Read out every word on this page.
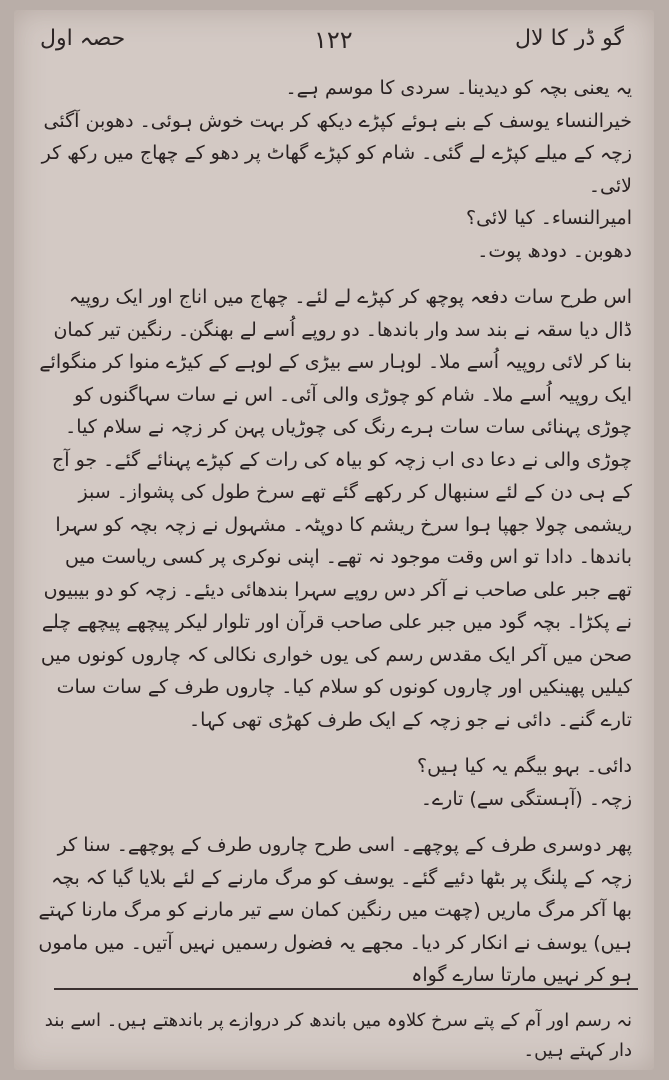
حصہ اول	۱۲۲	گو ڈر کا لال

یہ یعنی بچہ کو دیدینا۔ سردی کا موسم ہے۔

خیرالنساء یوسف کے بنے ہوئے کپڑے دیکھ کر بہت خوش ہوئی۔ دھوبن آگئی زچہ کے میلے کپڑے لے گئی۔ شام کو کپڑے گھاٹ پر دھو کے چھاج میں رکھ کر لائی۔

امیرالنساء۔ کیا لائی؟

دھوبن۔ دودھ پوت۔

اس طرح سات دفعہ پوچھ کر کپڑے لے لئے۔ چھاج میں اناج اور ایک روپیہ ڈال دیا سقہ نے بند سد وار باندھا۔ دو روپے اُسے لے بھنگن۔ رنگین تیر کمان بنا کر لائی روپیہ اُسے ملا۔ لوہار سے بیڑی کے لوہے کے کیڑے منوا کر منگوائے ایک روپیہ اُسے ملا۔ شام کو چوڑی والی آئی۔ اس نے سات سہاگنوں کو چوڑی پہنائی سات سات ہرے رنگ کی چوڑیاں پہن کر زچہ نے سلام کیا۔ چوڑی والی نے دعا دی اب زچہ کو بیاہ کی رات کے کپڑے پہنائے گئے۔ جو آج کے ہی دن کے لئے سنبھال کر رکھے گئے تھے سرخ طول کی پشواز۔ سبز ریشمی چولا جھپا ہوا سرخ ریشم کا دوپٹہ۔ مشہول نے زچہ بچہ کو سہرا باندھا۔ دادا تو اس وقت موجود نہ تھے۔ اپنی نوکری پر کسی ریاست میں تھے جبر علی صاحب نے آکر دس روپے سہرا بندھائی دیئے۔ زچہ کو دو بیبیوں نے پکڑا۔ بچہ گود میں جبر علی صاحب قرآن اور تلوار لیکر پیچھے پیچھے چلے صحن میں آکر ایک مقدس رسم کی یوں خواری نکالی کہ چاروں کونوں میں کیلیں پھینکیں اور چاروں کونوں کو سلام کیا۔ چاروں طرف کے سات سات تارے گنے۔ دائی نے جو زچہ کے ایک طرف کھڑی تھی کہا۔

دائی۔ بہو بیگم یہ کیا ہیں؟

زچہ۔ (آہستگی سے) تارے۔

پھر دوسری طرف کے پوچھے۔ اسی طرح چاروں طرف کے پوچھے۔ سنا کر زچہ کے پلنگ پر بٹھا دئیے گئے۔ یوسف کو مرگ مارنے کے لئے بلایا گیا کہ بچہ بھا آکر مرگ ماریں (چھت میں رنگین کمان سے تیر مارنے کو مرگ مارنا کہتے ہیں) یوسف نے انکار کر دیا۔ مجھے یہ فضول رسمیں نہیں آتیں۔ میں ماموں ہو کر نہیں مارتا سارے گواہ

نہ رسم اور آم کے پتے سرخ کلاوہ میں باندھ کر دروازے پر باندھتے ہیں۔ اسے بند دار کہتے ہیں۔
